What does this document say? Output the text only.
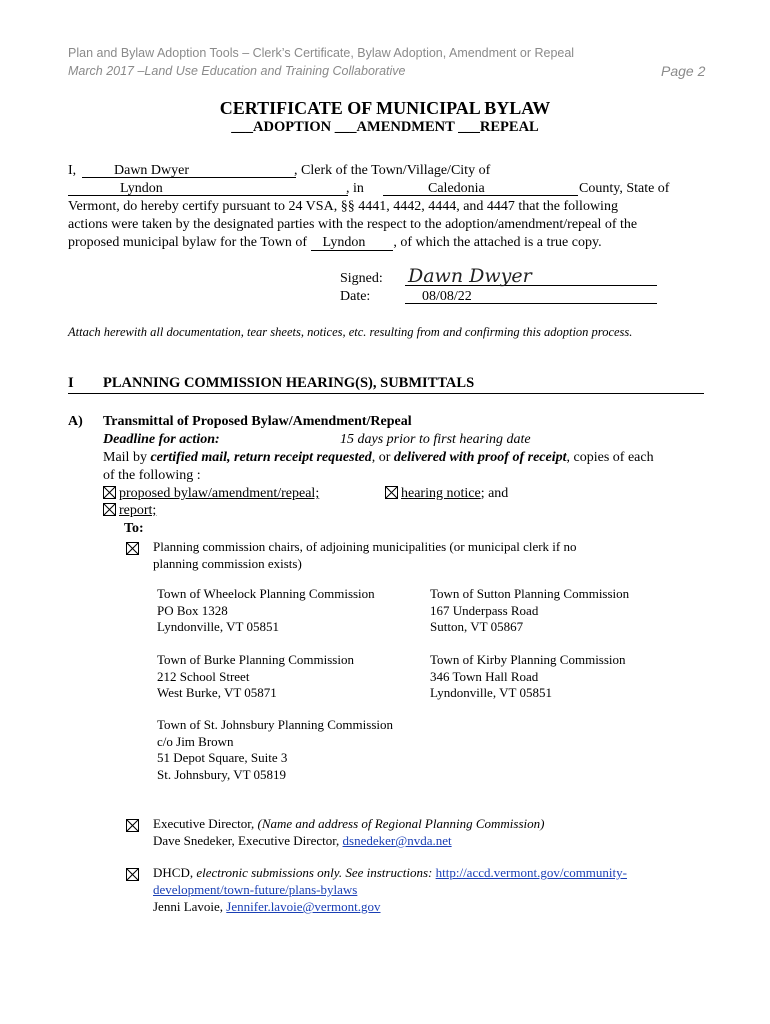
Plan and Bylaw Adoption Tools – Clerk’s Certificate, Bylaw Adoption, Amendment or Repeal
March 2017 –Land Use Education and Training Collaborative	Page 2
CERTIFICATE OF MUNICIPAL BYLAW
___ADOPTION ___AMENDMENT ___REPEAL
I,	Dawn Dwyer	, Clerk of the Town/Village/City of
Lyndon	, in	Caledonia	County, State of
Vermont, do hereby certify pursuant to 24 VSA, §§ 4441, 4442, 4444, and 4447 that the following
actions were taken by the designated parties with the respect to the adoption/amendment/repeal of the
proposed municipal bylaw for the Town of Lyndon , of which the attached is a true copy.
Signed: Dawn Dwyer
Date:	08/08/22
Attach herewith all documentation, tear sheets, notices, etc. resulting from and confirming this adoption process.
I PLANNING COMMISSION HEARING(S), SUBMITTALS
A) Transmittal of Proposed Bylaw/Amendment/Repeal
Deadline for action:	15 days prior to first hearing date
Mail by certified mail, return receipt requested, or delivered with proof of receipt, copies of each
of the following :
proposed bylaw/amendment/repeal;	hearing notice; and
report;
To:
Planning commission chairs, of adjoining municipalities (or municipal clerk if no
planning commission exists)
Town of Wheelock Planning Commission
PO Box 1328
Lyndonville, VT 05851
Town of Sutton Planning Commission
167 Underpass Road
Sutton, VT 05867
Town of Burke Planning Commission
212 School Street
West Burke, VT 05871
Town of Kirby Planning Commission
346 Town Hall Road
Lyndonville, VT 05851
Town of St. Johnsbury Planning Commission
c/o Jim Brown
51 Depot Square, Suite 3
St. Johnsbury, VT 05819
Executive Director, (Name and address of Regional Planning Commission)
Dave Snedeker, Executive Director, dsnedeker@nvda.net
DHCD, electronic submissions only. See instructions: http://accd.vermont.gov/community-
development/town-future/plans-bylaws
Jenni Lavoie, Jennifer.lavoie@vermont.gov
